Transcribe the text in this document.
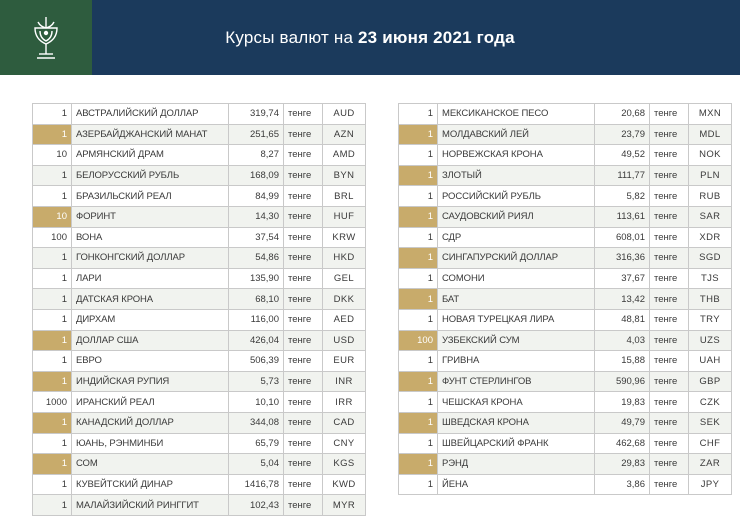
Курсы валют на 23 июня 2021 года
1	АВСТРАЛИЙСКИЙ ДОЛЛАР	319,74	тенге	AUD
1	АЗЕРБАЙДЖАНСКИЙ МАНАТ	251,65	тенге	AZN
10	АРМЯНСКИЙ ДРАМ	8,27	тенге	AMD
1	БЕЛОРУССКИЙ РУБЛЬ	168,09	тенге	BYN
1	БРАЗИЛЬСКИЙ РЕАЛ	84,99	тенге	BRL
10	ФОРИНТ	14,30	тенге	HUF
100	ВОНА	37,54	тенге	KRW
1	ГОНКОНГСКИЙ ДОЛЛАР	54,86	тенге	HKD
1	ЛАРИ	135,90	тенге	GEL
1	ДАТСКАЯ КРОНА	68,10	тенге	DKK
1	ДИРХАМ	116,00	тенге	AED
1	ДОЛЛАР США	426,04	тенге	USD
1	ЕВРО	506,39	тенге	EUR
1	ИНДИЙСКАЯ РУПИЯ	5,73	тенге	INR
1000	ИРАНСКИЙ РЕАЛ	10,10	тенге	IRR
1	КАНАДСКИЙ ДОЛЛАР	344,08	тенге	CAD
1	ЮАНЬ, РЭНМИНБИ	65,79	тенге	CNY
1	СОМ	5,04	тенге	KGS
1	КУВЕЙТСКИЙ ДИНАР	1416,78	тенге	KWD
1	МАЛАЙЗИЙСКИЙ РИНГГИТ	102,43	тенге	MYR
1	МЕКСИКАНСКОЕ ПЕСО	20,68	тенге	MXN
1	МОЛДАВСКИЙ ЛЕЙ	23,79	тенге	MDL
1	НОРВЕЖСКАЯ КРОНА	49,52	тенге	NOK
1	ЗЛОТЫЙ	111,77	тенге	PLN
1	РОССИЙСКИЙ РУБЛЬ	5,82	тенге	RUB
1	САУДОВСКИЙ РИЯЛ	113,61	тенге	SAR
1	СДР	608,01	тенге	XDR
1	СИНГАПУРСКИЙ ДОЛЛАР	316,36	тенге	SGD
1	СОМОНИ	37,67	тенге	TJS
1	БАТ	13,42	тенге	THB
1	НОВАЯ ТУРЕЦКАЯ ЛИРА	48,81	тенге	TRY
100	УЗБЕКСКИЙ СУМ	4,03	тенге	UZS
1	ГРИВНА	15,88	тенге	UAH
1	ФУНТ СТЕРЛИНГОВ	590,96	тенге	GBP
1	ЧЕШСКАЯ КРОНА	19,83	тенге	CZK
1	ШВЕДСКАЯ КРОНА	49,79	тенге	SEK
1	ШВЕЙЦАРСКИЙ ФРАНК	462,68	тенге	CHF
1	РЭНД	29,83	тенге	ZAR
1	ЙЕНА	3,86	тенге	JPY
